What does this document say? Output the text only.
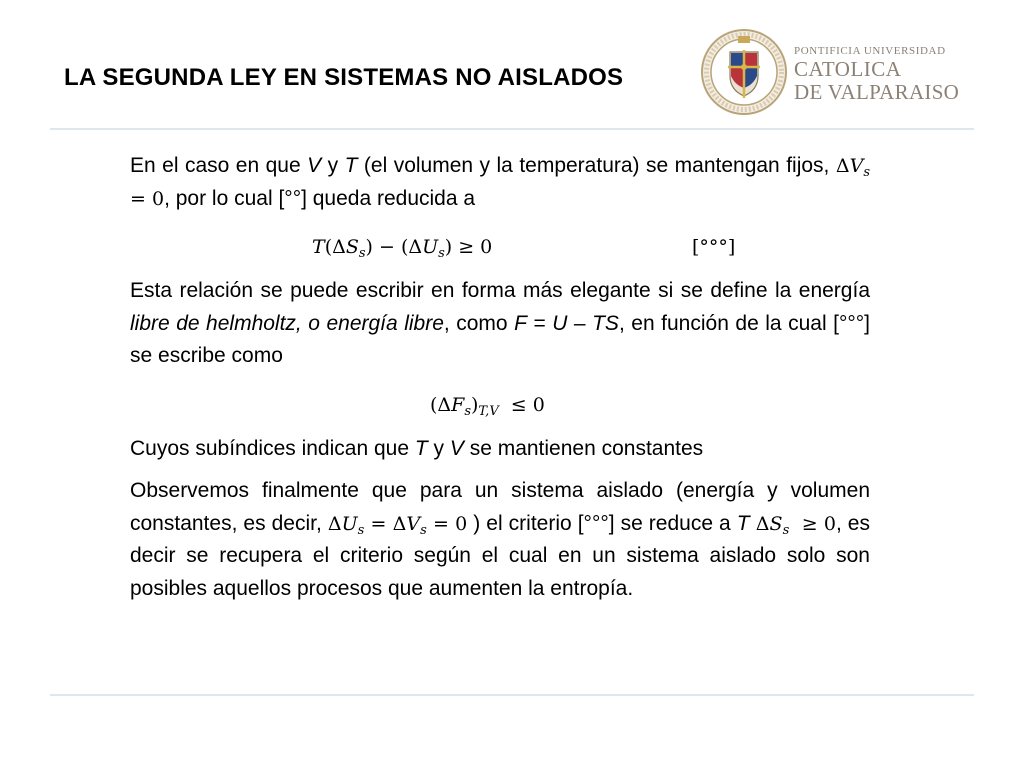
LA SEGUNDA LEY EN SISTEMAS NO AISLADOS
PONTIFICIA UNIVERSIDAD
CATOLICA
DE VALPARAISO

En el caso en que V y T (el volumen y la temperatura) se mantengan fijos, $\Delta V_s = 0$, por lo cual [°°] queda reducida a

$T(\Delta S_s) - (\Delta U_s) \ge 0$	[°°°]

Esta relación se puede escribir en forma más elegante si se define la energía libre de helmholtz, o energía libre, como F = U – TS, en función de la cual [°°°] se escribe como

$(\Delta F_s)_{T,V} \le 0$

Cuyos subíndices indican que T y V se mantienen constantes

Observemos finalmente que para un sistema aislado (energía y volumen constantes, es decir, $\Delta U_s = \Delta V_s = 0$ ) el criterio [°°°] se reduce a T $\Delta S_s \ge 0$, es decir se recupera el criterio según el cual en un sistema aislado solo son posibles aquellos procesos que aumenten la entropía.
